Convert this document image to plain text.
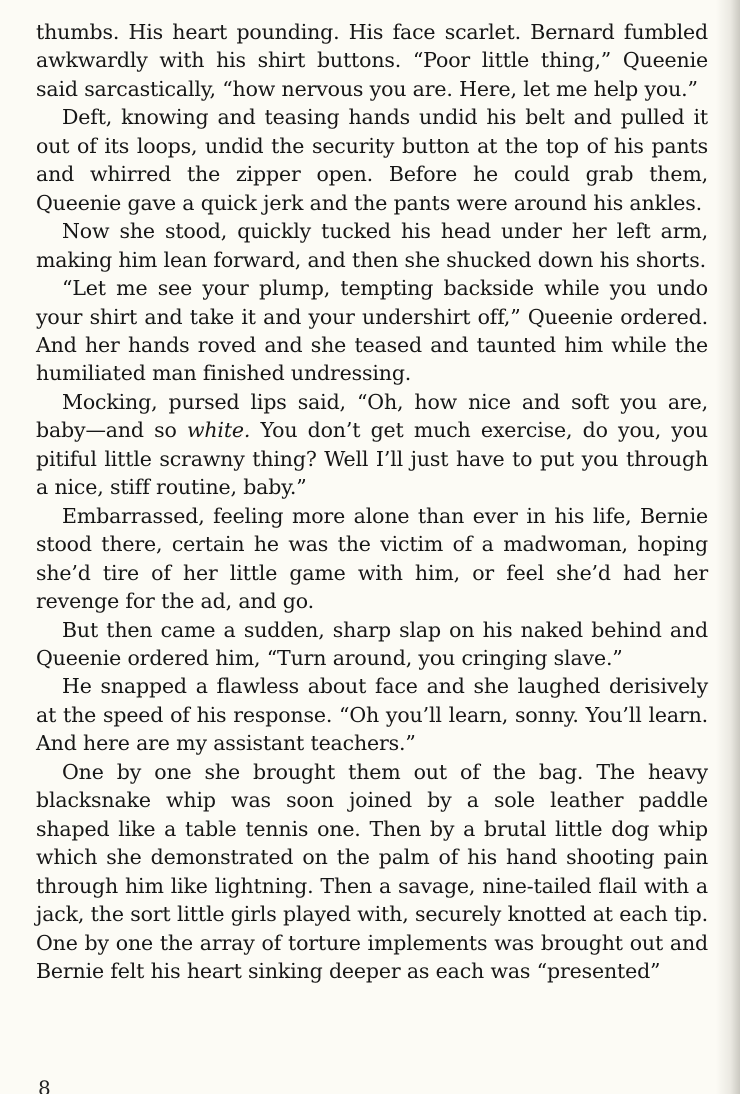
thumbs. His heart pounding. His face scarlet. Bernard fumbled awkwardly with his shirt buttons. “Poor little thing,” Queenie said sarcastically, “how nervous you are. Here, let me help you.”

Deft, knowing and teasing hands undid his belt and pulled it out of its loops, undid the security button at the top of his pants and whirred the zipper open. Before he could grab them, Queenie gave a quick jerk and the pants were around his ankles.

Now she stood, quickly tucked his head under her left arm, making him lean forward, and then she shucked down his shorts.

“Let me see your plump, tempting backside while you undo your shirt and take it and your undershirt off,” Queenie ordered. And her hands roved and she teased and taunted him while the humiliated man finished undressing.

Mocking, pursed lips said, “Oh, how nice and soft you are, baby—and so white. You don’t get much exercise, do you, you pitiful little scrawny thing? Well I’ll just have to put you through a nice, stiff routine, baby.”

Embarrassed, feeling more alone than ever in his life, Bernie stood there, certain he was the victim of a madwoman, hoping she’d tire of her little game with him, or feel she’d had her revenge for the ad, and go.

But then came a sudden, sharp slap on his naked behind and Queenie ordered him, “Turn around, you cringing slave.”

He snapped a flawless about face and she laughed derisively at the speed of his response. “Oh you’ll learn, sonny. You’ll learn. And here are my assistant teachers.”

One by one she brought them out of the bag. The heavy blacksnake whip was soon joined by a sole leather paddle shaped like a table tennis one. Then by a brutal little dog whip which she demonstrated on the palm of his hand shooting pain through him like lightning. Then a savage, nine-tailed flail with a jack, the sort little girls played with, securely knotted at each tip. One by one the array of torture implements was brought out and Bernie felt his heart sinking deeper as each was “presented”

8
